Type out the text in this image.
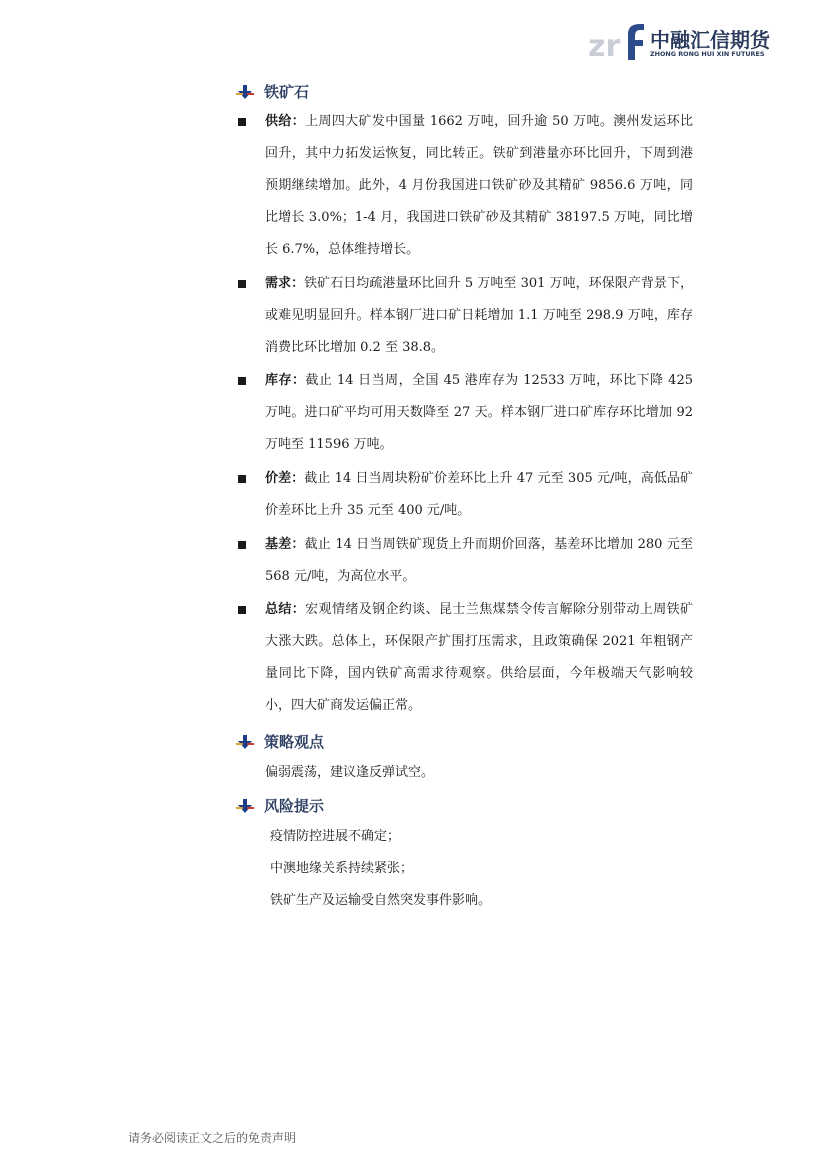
zr 中融汇信期货
ZHONG RONG HUI XIN FUTURES
铁矿石
供给：上周四大矿发中国量 1662 万吨，回升逾 50 万吨。澳州发运环比回升，其中力拓发运恢复，同比转正。铁矿到港量亦环比回升，下周到港预期继续增加。此外，4 月份我国进口铁矿砂及其精矿 9856.6 万吨，同比增长 3.0%；1-4 月，我国进口铁矿砂及其精矿 38197.5 万吨，同比增长 6.7%，总体维持增长。
需求：铁矿石日均疏港量环比回升 5 万吨至 301 万吨，环保限产背景下，或难见明显回升。样本钢厂进口矿日耗增加 1.1 万吨至 298.9 万吨，库存消费比环比增加 0.2 至 38.8。
库存：截止 14 日当周，全国 45 港库存为 12533 万吨，环比下降 425 万吨。进口矿平均可用天数降至 27 天。样本钢厂进口矿库存环比增加 92 万吨至 11596 万吨。
价差：截止 14 日当周块粉矿价差环比上升 47 元至 305 元/吨，高低品矿价差环比上升 35 元至 400 元/吨。
基差：截止 14 日当周铁矿现货上升而期价回落，基差环比增加 280 元至 568 元/吨，为高位水平。
总结：宏观情绪及钢企约谈、昆士兰焦煤禁令传言解除分别带动上周铁矿大涨大跌。总体上，环保限产扩围打压需求，且政策确保 2021 年粗钢产量同比下降，国内铁矿高需求待观察。供给层面，今年极端天气影响较小，四大矿商发运偏正常。
策略观点
偏弱震荡，建议逢反弹试空。
风险提示
疫情防控进展不确定；
中澳地缘关系持续紧张；
铁矿生产及运输受自然突发事件影响。
请务必阅读正文之后的免责声明
